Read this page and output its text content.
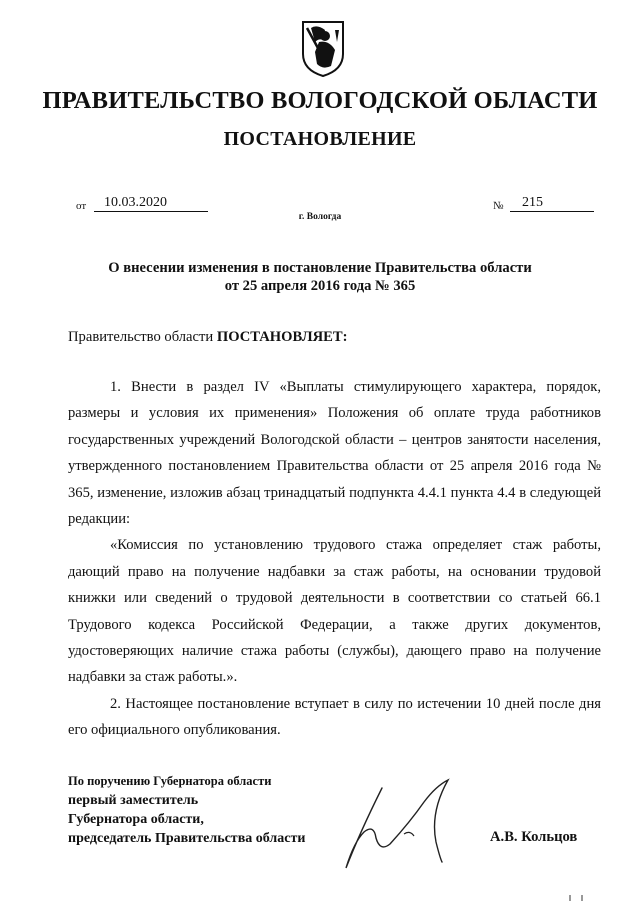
ПРАВИТЕЛЬСТВО ВОЛОГОДСКОЙ ОБЛАСТИ
ПОСТАНОВЛЕНИЕ
от	10.03.2020	№	215
г. Вологда
О внесении изменения в постановление Правительства области
от 25 апреля 2016 года № 365
Правительство области ПОСТАНОВЛЯЕТ:

1. Внести в раздел IV «Выплаты стимулирующего характера, порядок, размеры и условия их применения» Положения об оплате труда работников государственных учреждений Вологодской области – центров занятости населения, утвержденного постановлением Правительства области от 25 апреля 2016 года № 365, изменение, изложив абзац тринадцатый подпункта 4.4.1 пункта 4.4 в следующей редакции:

«Комиссия по установлению трудового стажа определяет стаж работы, дающий право на получение надбавки за стаж работы, на основании трудовой книжки или сведений о трудовой деятельности в соответствии со статьей 66.1 Трудового кодекса Российской Федерации, а также других документов, удостоверяющих наличие стажа работы (службы), дающего право на получение надбавки за стаж работы.».

2. Настоящее постановление вступает в силу по истечении 10 дней после дня его официального опубликования.

По поручению Губернатора области
первый заместитель
Губернатора области,
председатель Правительства области	А.В. Кольцов
